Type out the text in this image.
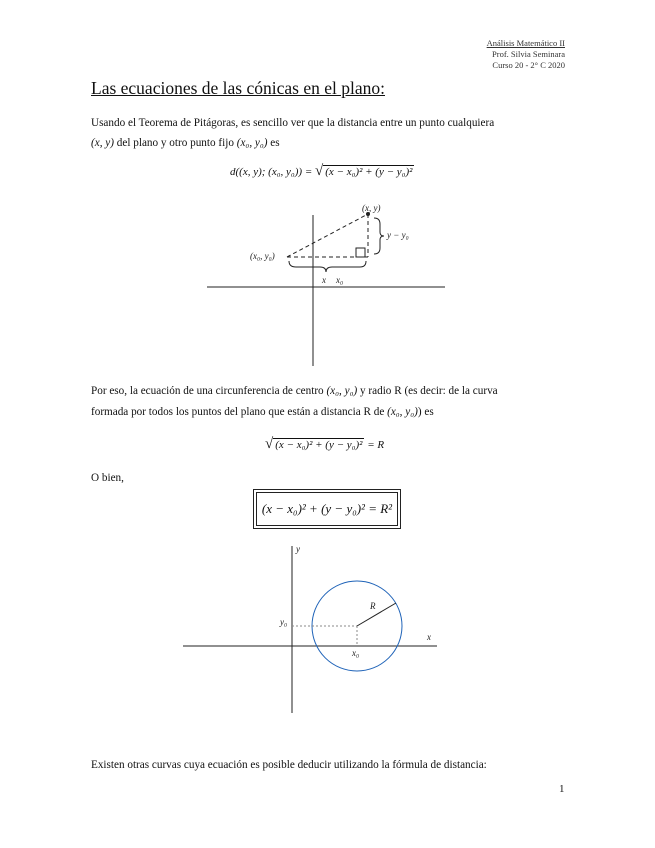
Análisis Matemático II
Prof. Silvia Seminara
Curso 20 - 2° C 2020
Las ecuaciones de las cónicas en el plano:

Usando el Teorema de Pitágoras, es sencillo ver que la distancia entre un punto cualquiera

(x, y) del plano y otro punto fijo (x₀, y₀) es

d((x, y); (x₀, y₀)) = √ (x − x₀)² + (y − y₀)²
(x, y)
(x₀, y₀)
y − y₀
x x₀
y
x
y₀
x₀
R

Por eso, la ecuación de una circunferencia de centro (x₀, y₀) y radio R (es decir: de la curva

formada por todos los puntos del plano que están a distancia R de (x₀, y₀)) es

√ (x − x₀)² + (y − y₀)² = R

O bien,

(x − x₀)² + (y − y₀)² = R²

Existen otras curvas cuya ecuación es posible deducir utilizando la fórmula de distancia:

1
